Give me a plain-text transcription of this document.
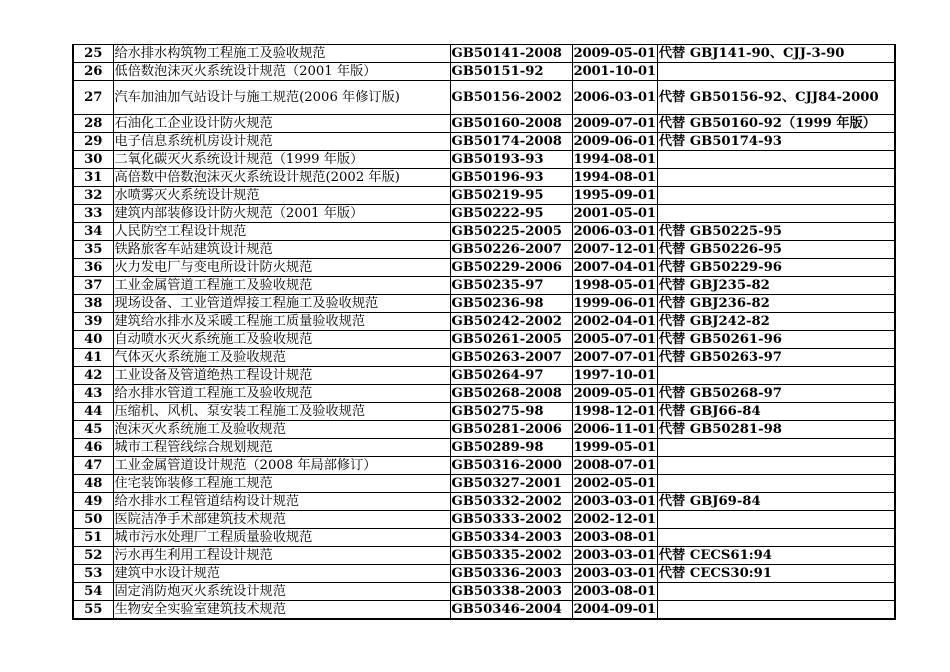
25	给水排水构筑物工程施工及验收规范	GB50141-2008	2009-05-01	代替 GBJ141-90、CJJ-3-90
26	低倍数泡沫灭火系统设计规范（2001 年版）	GB50151-92	2001-10-01	
27	汽车加油加气站设计与施工规范(2006 年修订版)	GB50156-2002	2006-03-01	代替 GB50156-92、CJJ84-2000
28	石油化工企业设计防火规范	GB50160-2008	2009-07-01	代替 GB50160-92（1999 年版）
29	电子信息系统机房设计规范	GB50174-2008	2009-06-01	代替 GB50174-93
30	二氧化碳灭火系统设计规范（1999 年版）	GB50193-93	1994-08-01	
31	高倍数中倍数泡沫灭火系统设计规范(2002 年版)	GB50196-93	1994-08-01	
32	水喷雾灭火系统设计规范	GB50219-95	1995-09-01	
33	建筑内部装修设计防火规范（2001 年版）	GB50222-95	2001-05-01	
34	人民防空工程设计规范	GB50225-2005	2006-03-01	代替 GB50225-95
35	铁路旅客车站建筑设计规范	GB50226-2007	2007-12-01	代替 GB50226-95
36	火力发电厂与变电所设计防火规范	GB50229-2006	2007-04-01	代替 GB50229-96
37	工业金属管道工程施工及验收规范	GB50235-97	1998-05-01	代替 GBJ235-82
38	现场设备、工业管道焊接工程施工及验收规范	GB50236-98	1999-06-01	代替 GBJ236-82
39	建筑给水排水及采暖工程施工质量验收规范	GB50242-2002	2002-04-01	代替 GBJ242-82
40	自动喷水灭火系统施工及验收规范	GB50261-2005	2005-07-01	代替 GB50261-96
41	气体灭火系统施工及验收规范	GB50263-2007	2007-07-01	代替 GB50263-97
42	工业设备及管道绝热工程设计规范	GB50264-97	1997-10-01	
43	给水排水管道工程施工及验收规范	GB50268-2008	2009-05-01	代替 GB50268-97
44	压缩机、风机、泵安装工程施工及验收规范	GB50275-98	1998-12-01	代替 GBJ66-84
45	泡沫灭火系统施工及验收规范	GB50281-2006	2006-11-01	代替 GB50281-98
46	城市工程管线综合规划规范	GB50289-98	1999-05-01	
47	工业金属管道设计规范（2008 年局部修订）	GB50316-2000	2008-07-01	
48	住宅装饰装修工程施工规范	GB50327-2001	2002-05-01	
49	给水排水工程管道结构设计规范	GB50332-2002	2003-03-01	代替 GBJ69-84
50	医院洁净手术部建筑技术规范	GB50333-2002	2002-12-01	
51	城市污水处理厂工程质量验收规范	GB50334-2003	2003-08-01	
52	污水再生利用工程设计规范	GB50335-2002	2003-03-01	代替 CECS61:94
53	建筑中水设计规范	GB50336-2003	2003-03-01	代替 CECS30:91
54	固定消防炮灭火系统设计规范	GB50338-2003	2003-08-01	
55	生物安全实验室建筑技术规范	GB50346-2004	2004-09-01	
